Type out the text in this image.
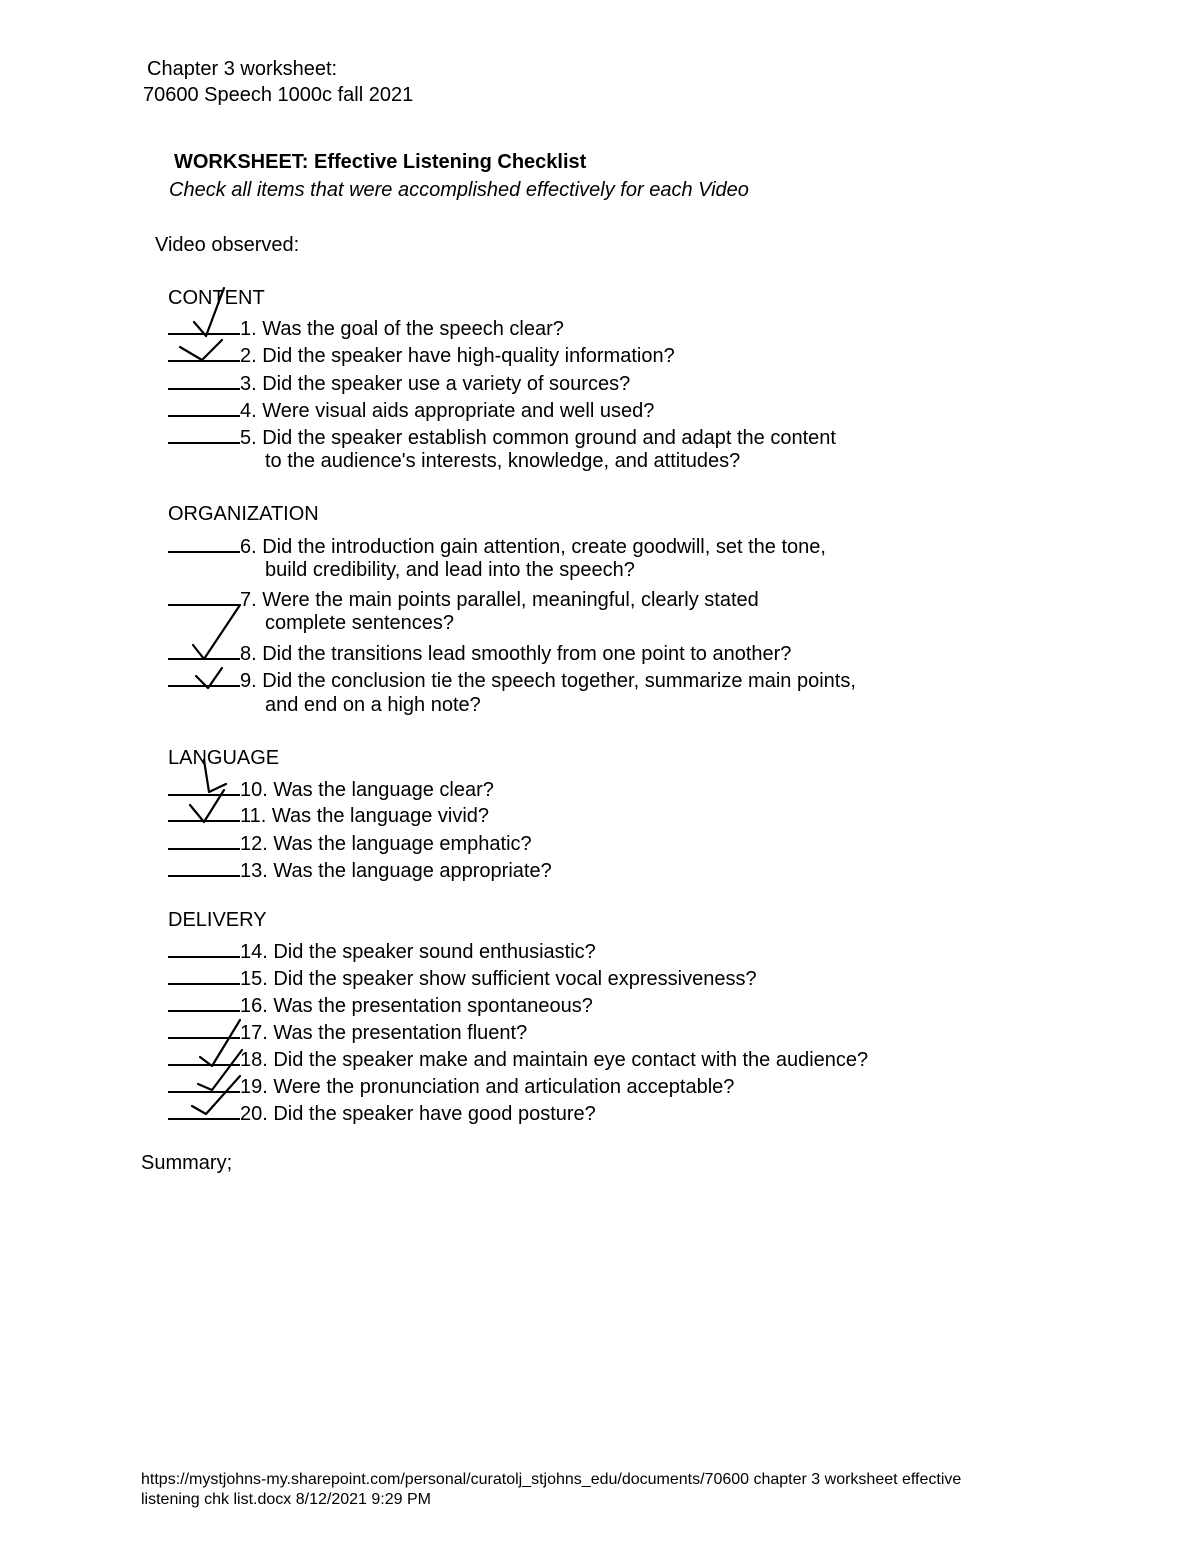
Chapter 3 worksheet:
70600 Speech 1000c fall 2021
WORKSHEET: Effective Listening Checklist
Check all items that were accomplished effectively for each Video
Video observed:
CONTENT
1. Was the goal of the speech clear?
2. Did the speaker have high-quality information?
3. Did the speaker use a variety of sources?
4. Were visual aids appropriate and well used?
5. Did the speaker establish common ground and adapt the content
to the audience's interests, knowledge, and attitudes?
ORGANIZATION
6. Did the introduction gain attention, create goodwill, set the tone,
build credibility, and lead into the speech?
7. Were the main points parallel, meaningful, clearly stated
complete sentences?
8. Did the transitions lead smoothly from one point to another?
9. Did the conclusion tie the speech together, summarize main points,
and end on a high note?
LANGUAGE
10. Was the language clear?
11. Was the language vivid?
12. Was the language emphatic?
13. Was the language appropriate?
DELIVERY
14. Did the speaker sound enthusiastic?
15. Did the speaker show sufficient vocal expressiveness?
16. Was the presentation spontaneous?
17. Was the presentation fluent?
18. Did the speaker make and maintain eye contact with the audience?
19. Were the pronunciation and articulation acceptable?
20. Did the speaker have good posture?
Summary;
https://mystjohns-my.sharepoint.com/personal/curatolj_stjohns_edu/documents/70600 chapter 3 worksheet effective
listening chk list.docx 8/12/2021 9:29 PM
